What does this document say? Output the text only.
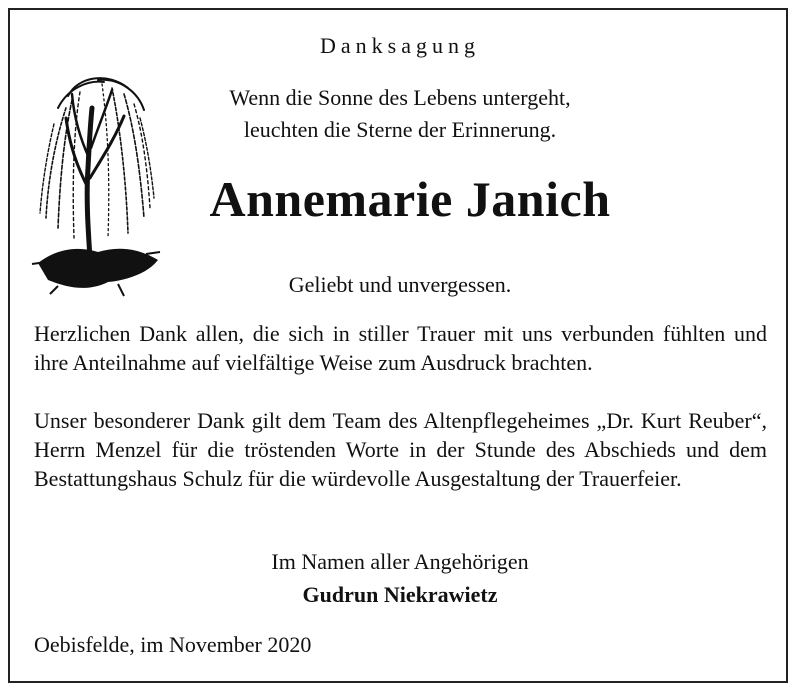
Danksagung
Wenn die Sonne des Lebens untergeht,
leuchten die Sterne der Erinnerung.
Annemarie Janich
Geliebt und unvergessen.
Herzlichen Dank allen, die sich in stiller Trauer mit uns verbunden fühlten und ihre Anteilnahme auf vielfältige Weise zum Ausdruck brachten.
Unser besonderer Dank gilt dem Team des Altenpflegeheimes „Dr. Kurt Reuber“, Herrn Menzel für die tröstenden Worte in der Stunde des Abschieds und dem Bestattungshaus Schulz für die würdevolle Ausgestaltung der Trauerfeier.
Im Namen aller Angehörigen
Gudrun Niekrawietz
Oebisfelde, im November 2020
